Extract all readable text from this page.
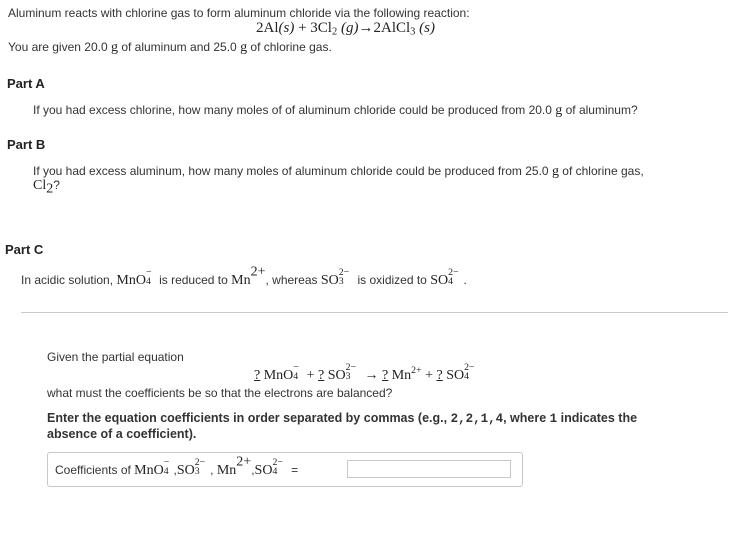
Aluminum reacts with chlorine gas to form aluminum chloride via the following reaction:
$2Al(s) + 3Cl_2$ (g)→2AlCl$_3$ (s)
You are given 20.0 g of aluminum and 25.0 g of chlorine gas.
Part A
If you had excess chlorine, how many moles of of aluminum chloride could be produced from 20.0 g of aluminum?
Part B
If you had excess aluminum, how many moles of aluminum chloride could be produced from 25.0 g of chlorine gas,
$Cl_2$?
Part C
In acidic solution, MnO
−
4 is reduced to $Mn^{2+}$, whereas SO
2−
3 is oxidized to SO
2−
4 .
Given the partial equation
? MnO
−
4 + ? SO
2−
3 → ? $Mn^{2+}$ + ? SO
2−
4
what must the coefficients be so that the electrons are balanced?
Enter the equation coefficients in order separated by commas (e.g., 2,2,1,4, where 1 indicates the
absence of a coefficient).
Coefficients of MnO
−
4 ,SO
2−
3 , $Mn^{2+},SO$
2−
4 =
